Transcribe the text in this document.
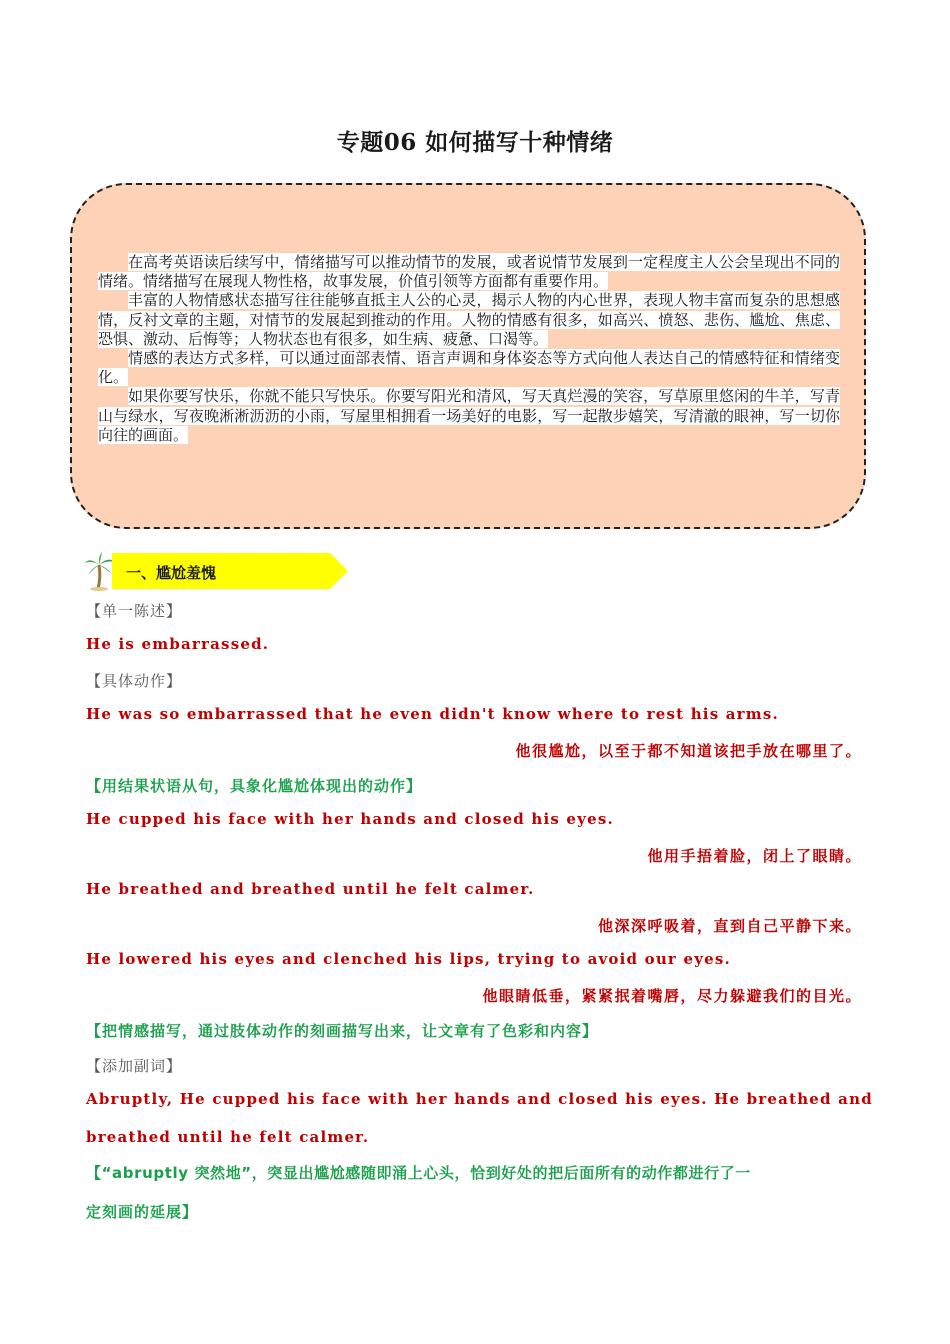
专题06 如何描写十种情绪

在高考英语读后续写中，情绪描写可以推动情节的发展，或者说情节发展到一定程度主人公会呈现出不同的情绪。情绪描写在展现人物性格，故事发展，价值引领等方面都有重要作用。

丰富的人物情感状态描写往往能够直抵主人公的心灵，揭示人物的内心世界，表现人物丰富而复杂的思想感情，反衬文章的主题，对情节的发展起到推动的作用。人物的情感有很多，如高兴、愤怒、悲伤、尴尬、焦虑、恐惧、激动、后悔等；人物状态也有很多，如生病、疲惫、口渴等。

情感的表达方式多样，可以通过面部表情、语言声调和身体姿态等方式向他人表达自己的情感特征和情绪变化。

如果你要写快乐，你就不能只写快乐。你要写阳光和清风，写天真烂漫的笑容，写草原里悠闲的牛羊，写青山与绿水，写夜晚淅淅沥沥的小雨，写屋里相拥看一场美好的电影，写一起散步嬉笑，写清澈的眼神，写一切你向往的画面。

一、尴尬羞愧
【单一陈述】
He is embarrassed.
【具体动作】
He was so embarrassed that he even didn't know where to rest his arms.
他很尴尬，以至于都不知道该把手放在哪里了。
【用结果状语从句，具象化尴尬体现出的动作】
He cupped his face with her hands and closed his eyes.
他用手捂着脸，闭上了眼睛。
He breathed and breathed until he felt calmer.
他深深呼吸着，直到自己平静下来。
He lowered his eyes and clenched his lips, trying to avoid our eyes.
他眼睛低垂，紧紧抿着嘴唇，尽力躲避我们的目光。
【把情感描写，通过肢体动作的刻画描写出来，让文章有了色彩和内容】
【添加副词】
Abruptly, He cupped his face with her hands and closed his eyes. He breathed and
breathed until he felt calmer.
【“abruptly 突然地”，突显出尴尬感随即涌上心头，恰到好处的把后面所有的动作都进行了一
定刻画的延展】
